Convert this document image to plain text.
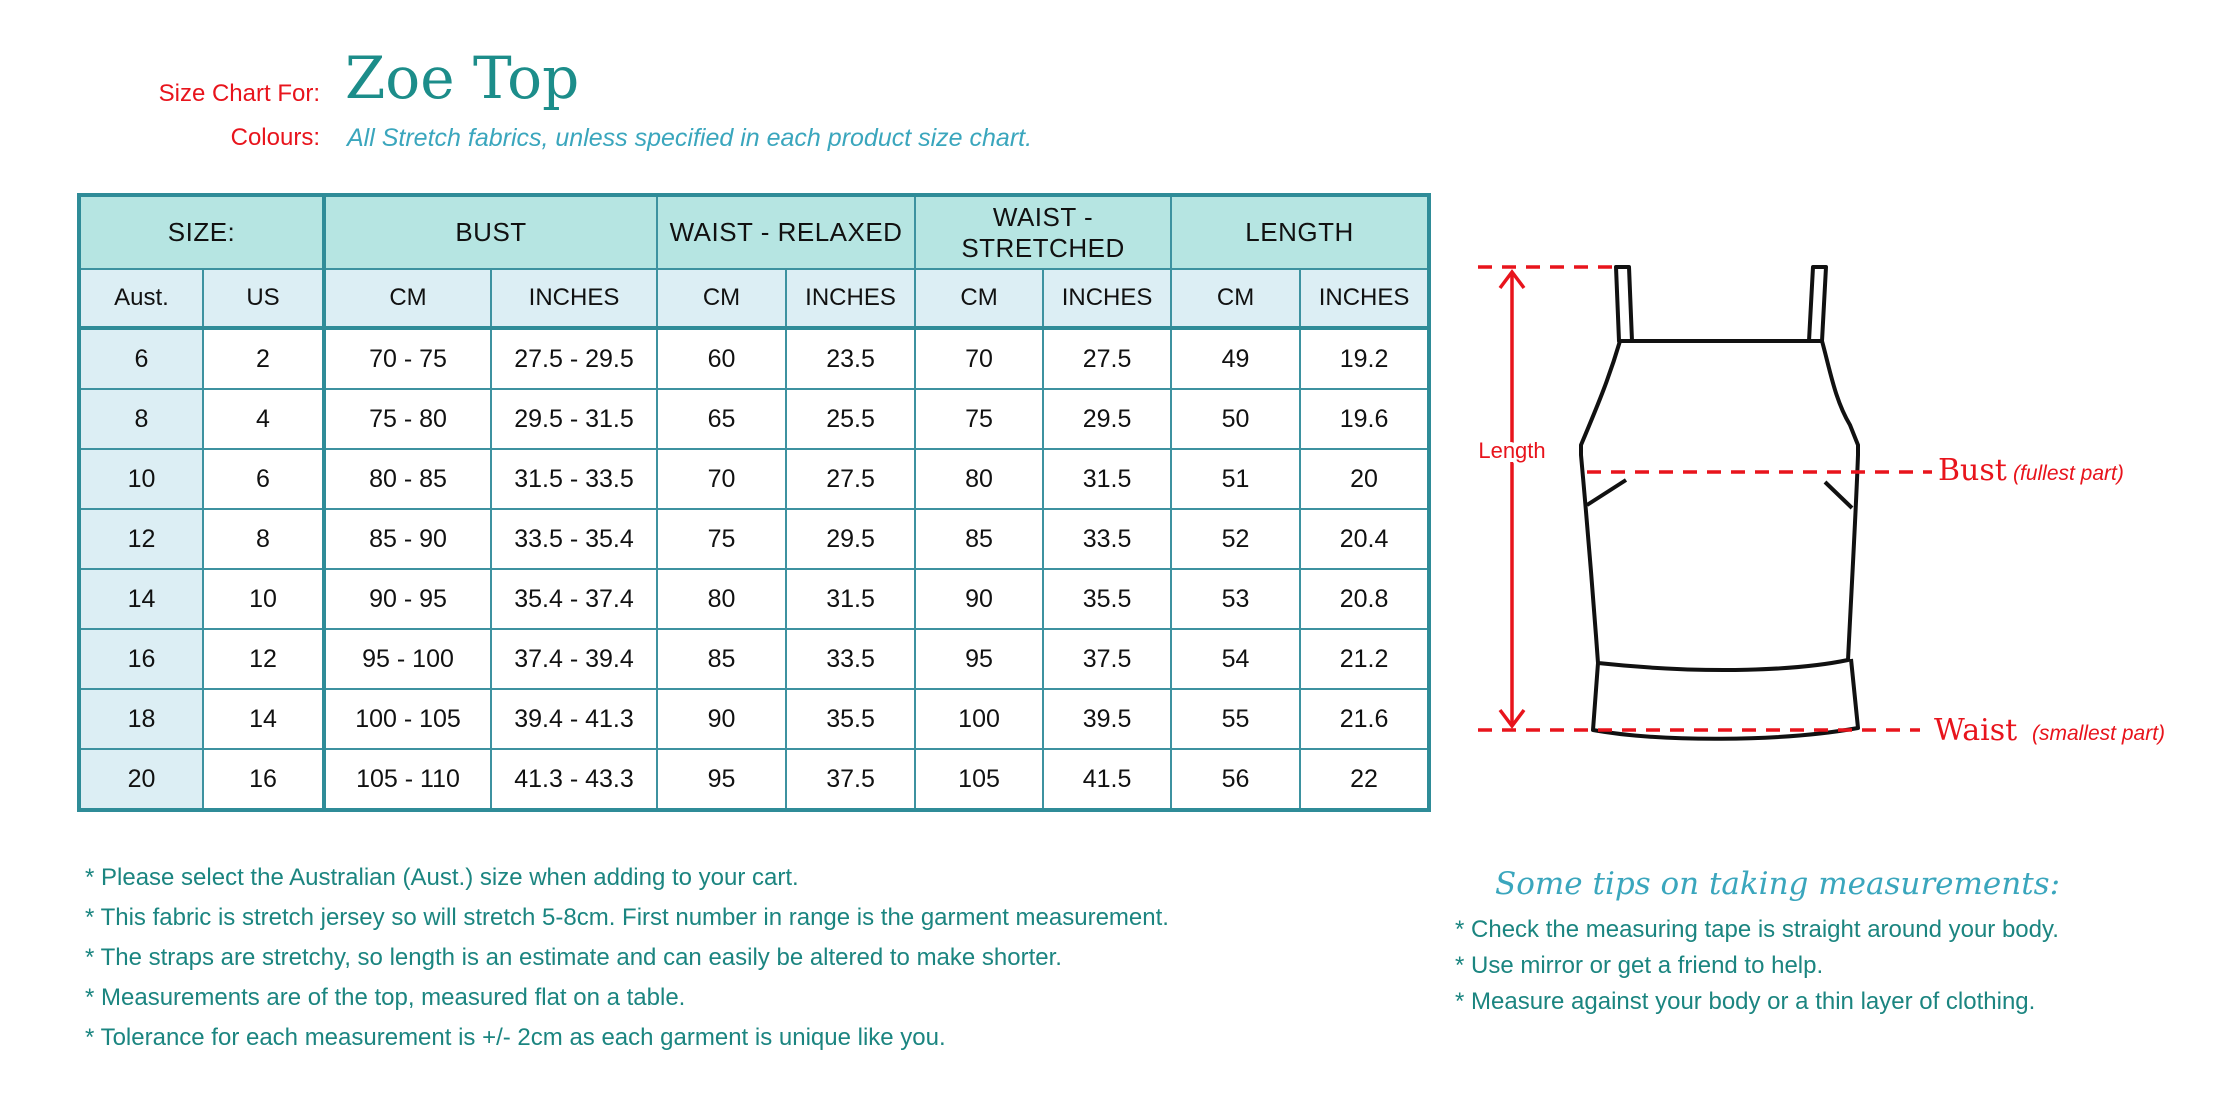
Size Chart For:
Colours:
Zoe Top
All Stretch fabrics, unless specified in each product size chart.
SIZE:		BUST		WAIST - RELAXED		WAIST - STRETCHED		LENGTH	
Aust.	US	CM	INCHES	CM	INCHES	CM	INCHES	CM	INCHES
6	2	70 - 75	27.5 - 29.5	60	23.5	70	27.5	49	19.2
8	4	75 - 80	29.5 - 31.5	65	25.5	75	29.5	50	19.6
10	6	80 - 85	31.5 - 33.5	70	27.5	80	31.5	51	20
12	8	85 - 90	33.5 - 35.4	75	29.5	85	33.5	52	20.4
14	10	90 - 95	35.4 - 37.4	80	31.5	90	35.5	53	20.8
16	12	95 - 100	37.4 - 39.4	85	33.5	95	37.5	54	21.2
18	14	100 - 105	39.4 - 41.3	90	35.5	100	39.5	55	21.6
20	16	105 - 110	41.3 - 43.3	95	37.5	105	41.5	56	22
Length
Bust (fullest part)
Waist (smallest part)
* Please select the Australian (Aust.) size when adding to your cart.
* This fabric is stretch jersey so will stretch 5-8cm. First number in range is the garment measurement.
* The straps are stretchy, so length is an estimate and can easily be altered to make shorter.
* Measurements are of the top, measured flat on a table.
* Tolerance for each measurement is +/- 2cm as each garment is unique like you.
Some tips on taking measurements:
* Check the measuring tape is straight around your body.
* Use mirror or get a friend to help.
* Measure against your body or a thin layer of clothing.
